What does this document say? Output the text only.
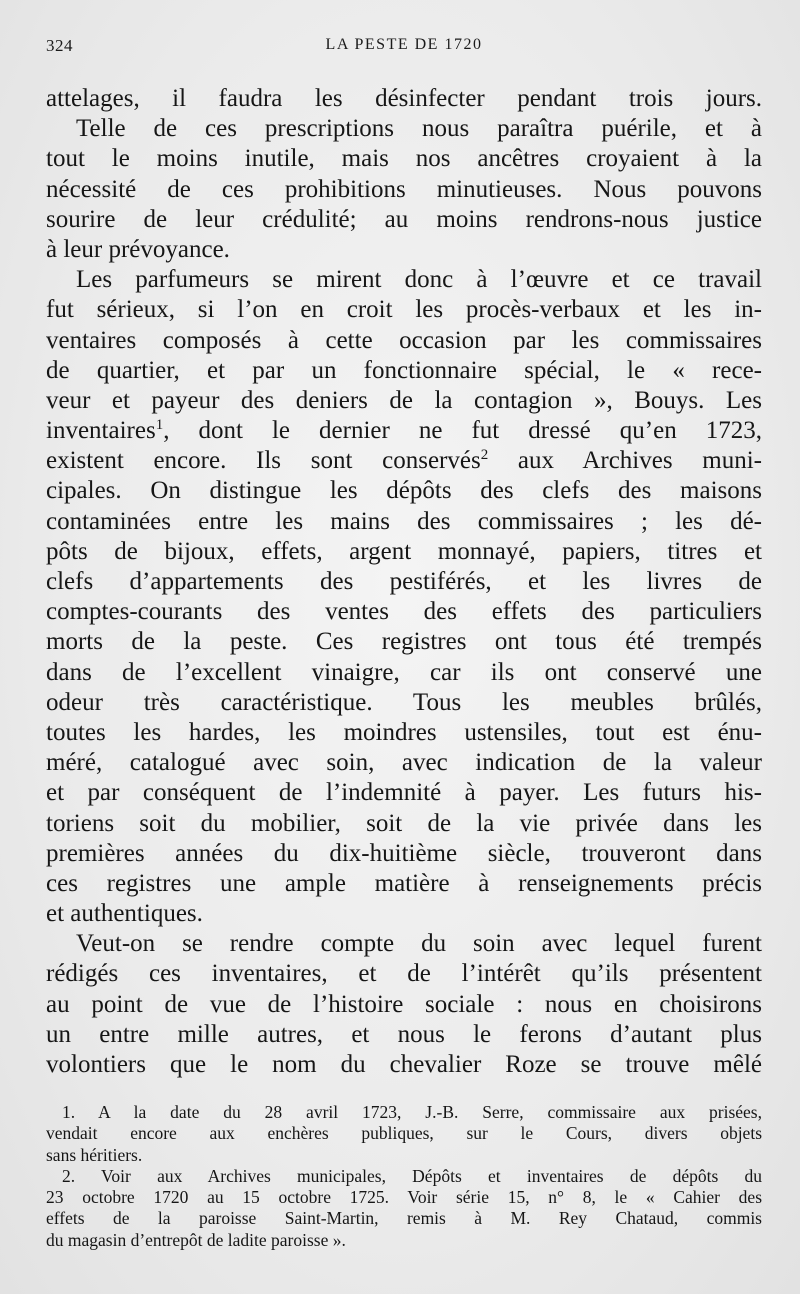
324	LA PESTE DE 1720
attelages, il faudra les désinfecter pendant trois jours.
Telle de ces prescriptions nous paraîtra puérile, et à
tout le moins inutile, mais nos ancêtres croyaient à la
nécessité de ces prohibitions minutieuses. Nous pouvons
sourire de leur crédulité; au moins rendrons-nous justice
à leur prévoyance.
Les parfumeurs se mirent donc à l’œuvre et ce travail
fut sérieux, si l’on en croit les procès-verbaux et les in-
ventaires composés à cette occasion par les commissaires
de quartier, et par un fonctionnaire spécial, le « rece-
veur et payeur des deniers de la contagion », Bouys. Les
inventaires$^1$, dont le dernier ne fut dressé qu’en 1723,
existent encore. Ils sont conservés$^2$ aux Archives muni-
cipales. On distingue les dépôts des clefs des maisons
contaminées entre les mains des commissaires ; les dé-
pôts de bijoux, effets, argent monnayé, papiers, titres et
clefs d’appartements des pestiférés, et les livres de
comptes-courants des ventes des effets des particuliers
morts de la peste. Ces registres ont tous été trempés
dans de l’excellent vinaigre, car ils ont conservé une
odeur très caractéristique. Tous les meubles brûlés,
toutes les hardes, les moindres ustensiles, tout est énu-
méré, catalogué avec soin, avec indication de la valeur
et par conséquent de l’indemnité à payer. Les futurs his-
toriens soit du mobilier, soit de la vie privée dans les
premières années du dix-huitième siècle, trouveront dans
ces registres une ample matière à renseignements précis
et authentiques.
Veut-on se rendre compte du soin avec lequel furent
rédigés ces inventaires, et de l’intérêt qu’ils présentent
au point de vue de l’histoire sociale : nous en choisirons
un entre mille autres, et nous le ferons d’autant plus
volontiers que le nom du chevalier Roze se trouve mêlé
1. A la date du 28 avril 1723, J.-B. Serre, commissaire aux prisées,
vendait encore aux enchères publiques, sur le Cours, divers objets
sans héritiers.
2. Voir aux Archives municipales, Dépôts et inventaires de dépôts du
23 octobre 1720 au 15 octobre 1725. Voir série 15, n° 8, le « Cahier des
effets de la paroisse Saint-Martin, remis à M. Rey Chataud, commis
du magasin d’entrepôt de ladite paroisse ».
